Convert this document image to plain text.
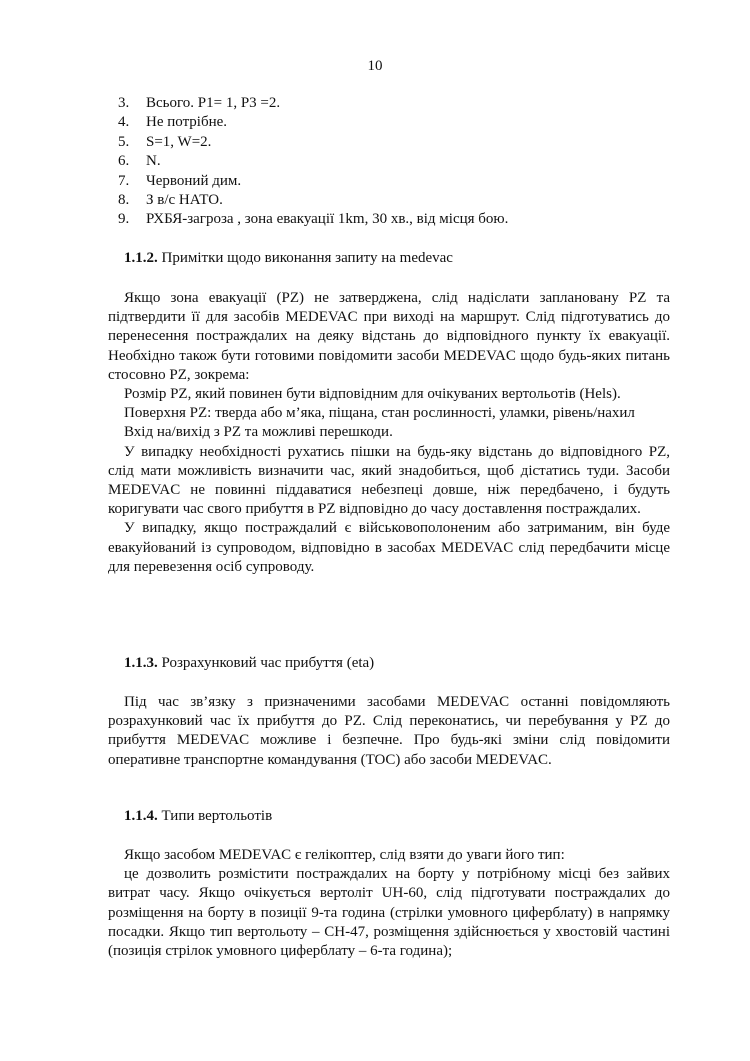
10
3. Всього. P1= 1, P3 =2.
4. Не потрібне.
5. S=1, W=2.
6. N.
7. Червоний дим.
8. З в/с НАТО.
9. РХБЯ-загроза , зона евакуації 1km, 30 хв., від місця бою.
1.1.2. Примітки щодо виконання запиту на medevac

Якщо зона евакуації (PZ) не затверджена, слід надіслати заплановану PZ та підтвердити її для засобів MEDEVAC при виході на маршрут. Слід підготуватись до перенесення постраждалих на деяку відстань до відповідного пункту їх евакуації. Необхідно також бути готовими повідомити засоби MEDEVAC щодо будь-яких питань стосовно PZ, зокрема:

Розмір PZ, який повинен бути відповідним для очікуваних вертольотів (Hels).

Поверхня PZ: тверда або м’яка, піщана, стан рослинності, уламки, рівень/нахил

Вхід на/вихід з PZ та можливі перешкоди.

У випадку необхідності рухатись пішки на будь-яку відстань до відповідного PZ, слід мати можливість визначити час, який знадобиться, щоб дістатись туди. Засоби MEDEVAC не повинні піддаватися небезпеці довше, ніж передбачено, і будуть коригувати час свого прибуття в PZ відповідно до часу доставлення постраждалих.

У випадку, якщо постраждалий є військовополоненим або затриманим, він буде евакуйований із супроводом, відповідно в засобах MEDEVAC слід передбачити місце для перевезення осіб супроводу.

1.1.3. Розрахунковий час прибуття (eta)

Під час зв’язку з призначеними засобами MEDEVAC останні повідомляють розрахунковий час їх прибуття до PZ. Слід переконатись, чи перебування у PZ до прибуття MEDEVAC можливе і безпечне. Про будь-які зміни слід повідомити оперативне транспортне командування (TOC) або засоби MEDEVAC.

1.1.4. Типи вертольотів

Якщо засобом MEDEVAC є гелікоптер, слід взяти до уваги його тип:

це дозволить розмістити постраждалих на борту у потрібному місці без зайвих витрат часу. Якщо очікується вертоліт UH-60, слід підготувати постраждалих до розміщення на борту в позиції 9-та година (стрілки умовного циферблату) в напрямку посадки. Якщо тип вертольоту – CH-47, розміщення здійснюється у хвостовій частині (позиція стрілок умовного циферблату – 6-та година);
